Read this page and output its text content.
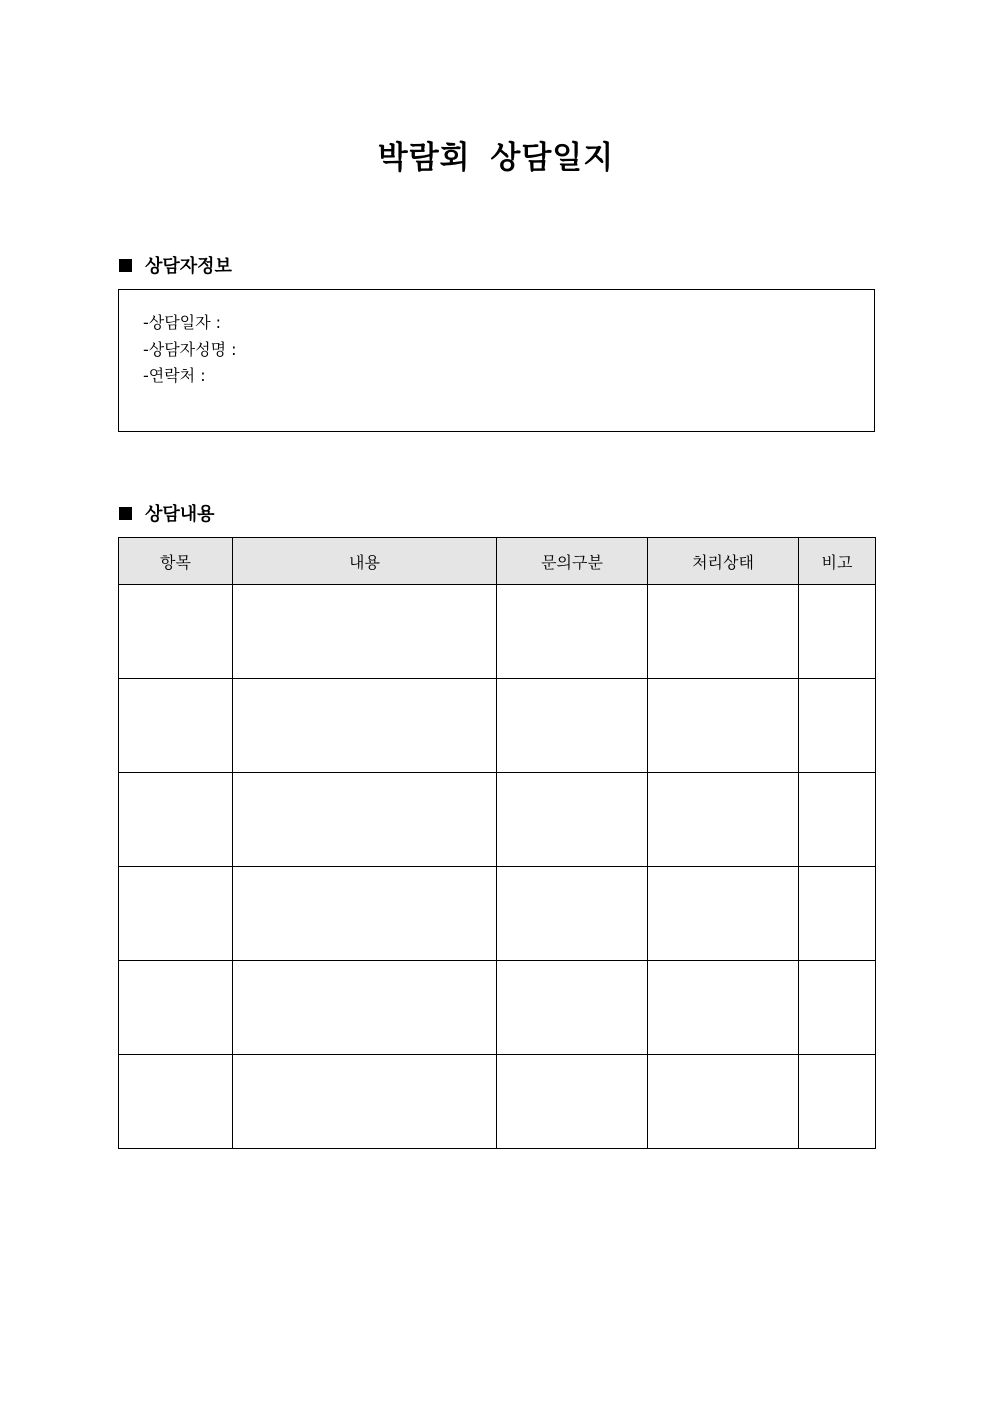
박람회 상담일지
상담자정보
-상담일자 :
-상담자성명 :
-연락처 :
상담내용
항목	내용	문의구분	처리상태	비고
